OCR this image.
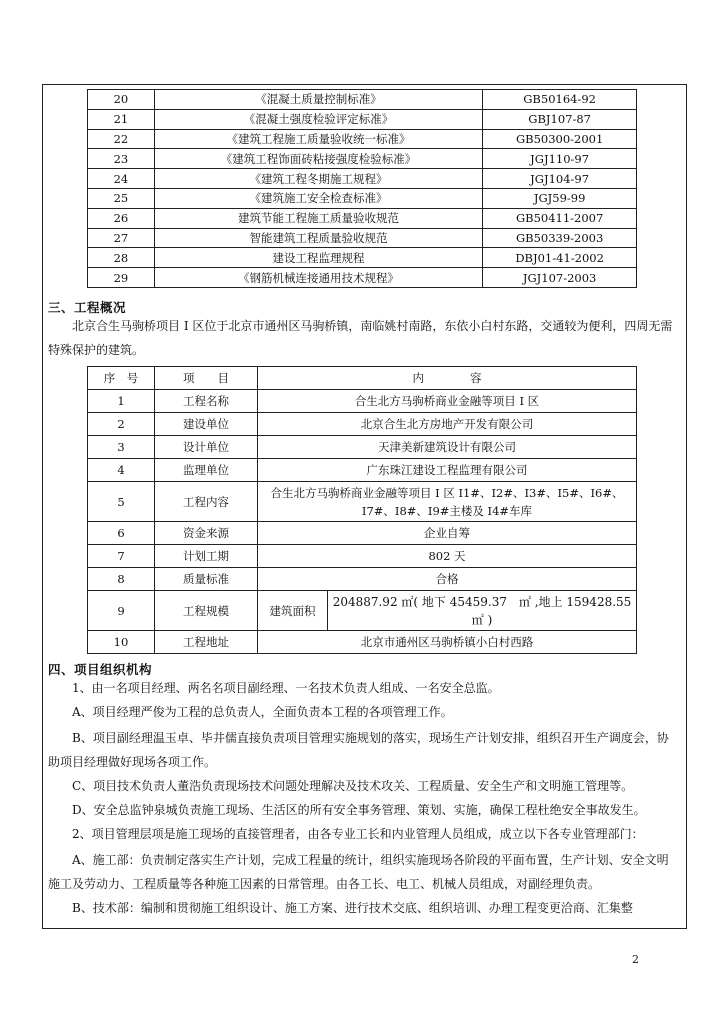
20	《混凝土质量控制标准》	GB50164-92
21	《混凝土强度检验评定标准》	GBJ107-87
22	《建筑工程施工质量验收统一标准》	GB50300-2001
23	《建筑工程饰面砖粘接强度检验标准》	JGJ110-97
24	《建筑工程冬期施工规程》	JGJ104-97
25	《建筑施工安全检查标准》	JGJ59-99
26	建筑节能工程施工质量验收规范	GB50411-2007
27	智能建筑工程质量验收规范	GB50339-2003
28	建设工程监理规程	DBJ01-41-2002
29	《钢筋机械连接通用技术规程》	JGJ107-2003
三、工程概况
北京合生马驹桥项目 I 区位于北京市通州区马驹桥镇，南临姚村南路，东依小白村东路，交通较为便利，四周无需特殊保护的建筑。
序　号	项　　目	内　　　　容	
1	工程名称	合生北方马驹桥商业金融等项目 I 区	
2	建设单位	北京合生北方房地产开发有限公司	
3	设计单位	天津美新建筑设计有限公司	
4	监理单位	广东珠江建设工程监理有限公司	
5	工程内容	合生北方马驹桥商业金融等项目 I 区 I1#、I2#、I3#、I5#、I6#、I7#、I8#、I9#主楼及 I4#车库	
6	资金来源	企业自筹	
7	计划工期	802 天	
8	质量标准	合格	
9	工程规模	建筑面积	204887.92 ㎡( 地下 45459.37　㎡ ,地上 159428.55 ㎡ )
10	工程地址	北京市通州区马驹桥镇小白村西路	
四、项目组织机构
1、由一名项目经理、两名名项目副经理、一名技术负责人组成、一名安全总监。
A、项目经理严俊为工程的总负责人，全面负责本工程的各项管理工作。
B、项目副经理温玉卓、毕井儒直接负责项目管理实施规划的落实，现场生产计划安排，组织召开生产调度会，协助项目经理做好现场各项工作。
C、项目技术负责人董浩负责现场技术问题处理解决及技术攻关、工程质量、安全生产和文明施工管理等。
D、安全总监钟泉城负责施工现场、生活区的所有安全事务管理、策划、实施，确保工程杜绝安全事故发生。
2、项目管理层项是施工现场的直接管理者，由各专业工长和内业管理人员组成，成立以下各专业管理部门：
A、施工部：负责制定落实生产计划，完成工程量的统计，组织实施现场各阶段的平面布置，生产计划、安全文明施工及劳动力、工程质量等各种施工因素的日常管理。由各工长、电工、机械人员组成，对副经理负责。
B、技术部：编制和贯彻施工组织设计、施工方案、进行技术交底、组织培训、办理工程变更洽商、汇集整
2
